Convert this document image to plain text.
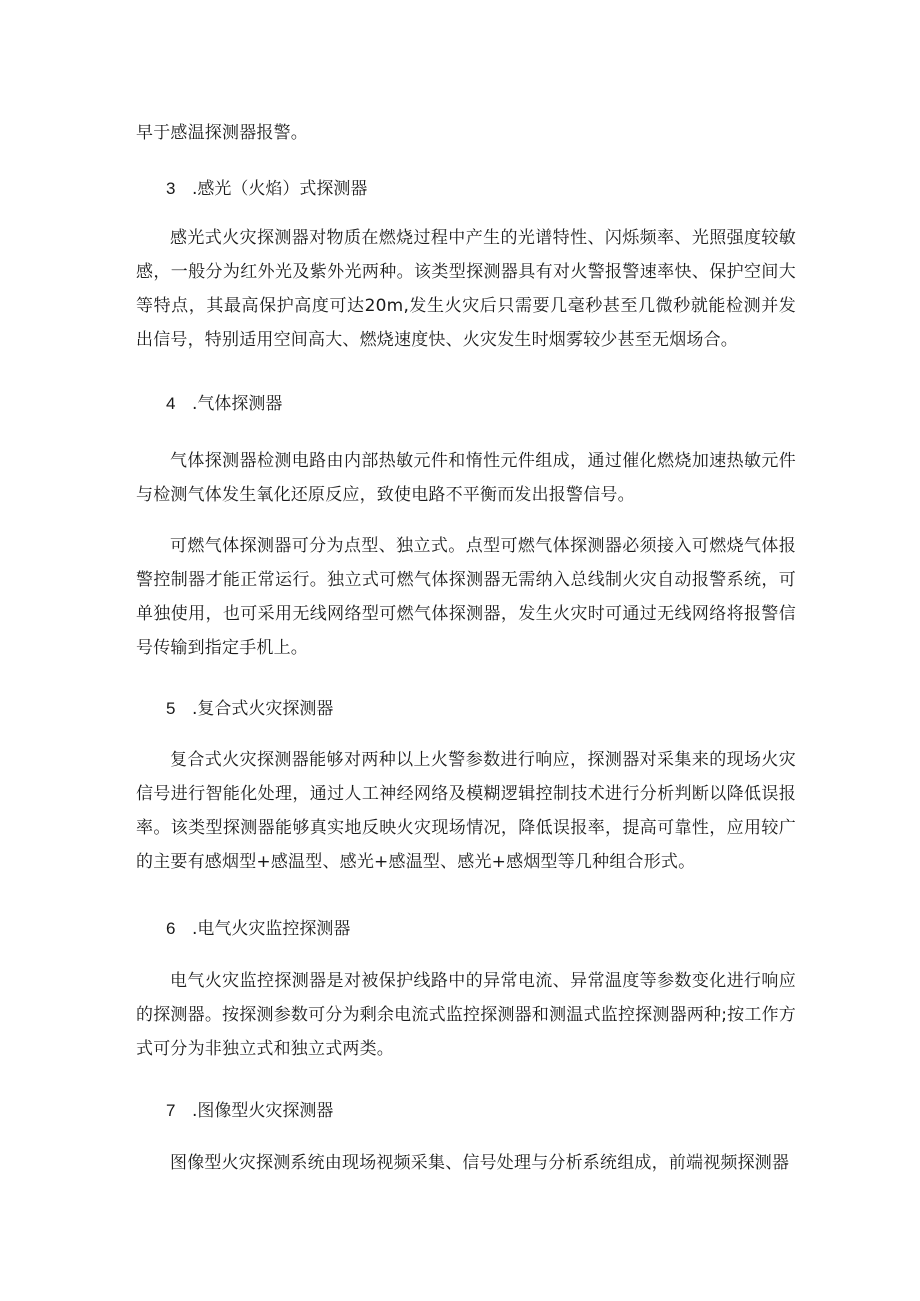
早于感温探测器报警。

3 .感光（火焰）式探测器

感光式火灾探测器对物质在燃烧过程中产生的光谱特性、闪烁频率、光照强度较敏感，一般分为红外光及紫外光两种。该类型探测器具有对火警报警速率快、保护空间大等特点，其最高保护高度可达20m,发生火灾后只需要几毫秒甚至几微秒就能检测并发出信号，特别适用空间高大、燃烧速度快、火灾发生时烟雾较少甚至无烟场合。

4 .气体探测器

气体探测器检测电路由内部热敏元件和惰性元件组成，通过催化燃烧加速热敏元件与检测气体发生氧化还原反应，致使电路不平衡而发出报警信号。

可燃气体探测器可分为点型、独立式。点型可燃气体探测器必须接入可燃烧气体报警控制器才能正常运行。独立式可燃气体探测器无需纳入总线制火灾自动报警系统，可单独使用，也可采用无线网络型可燃气体探测器，发生火灾时可通过无线网络将报警信号传输到指定手机上。

5 .复合式火灾探测器

复合式火灾探测器能够对两种以上火警参数进行响应，探测器对采集来的现场火灾信号进行智能化处理，通过人工神经网络及模糊逻辑控制技术进行分析判断以降低误报率。该类型探测器能够真实地反映火灾现场情况，降低误报率，提高可靠性，应用较广的主要有感烟型+感温型、感光+感温型、感光+感烟型等几种组合形式。

6 .电气火灾监控探测器

电气火灾监控探测器是对被保护线路中的异常电流、异常温度等参数变化进行响应的探测器。按探测参数可分为剩余电流式监控探测器和测温式监控探测器两种;按工作方式可分为非独立式和独立式两类。

7 .图像型火灾探测器

图像型火灾探测系统由现场视频采集、信号处理与分析系统组成，前端视频探测器
